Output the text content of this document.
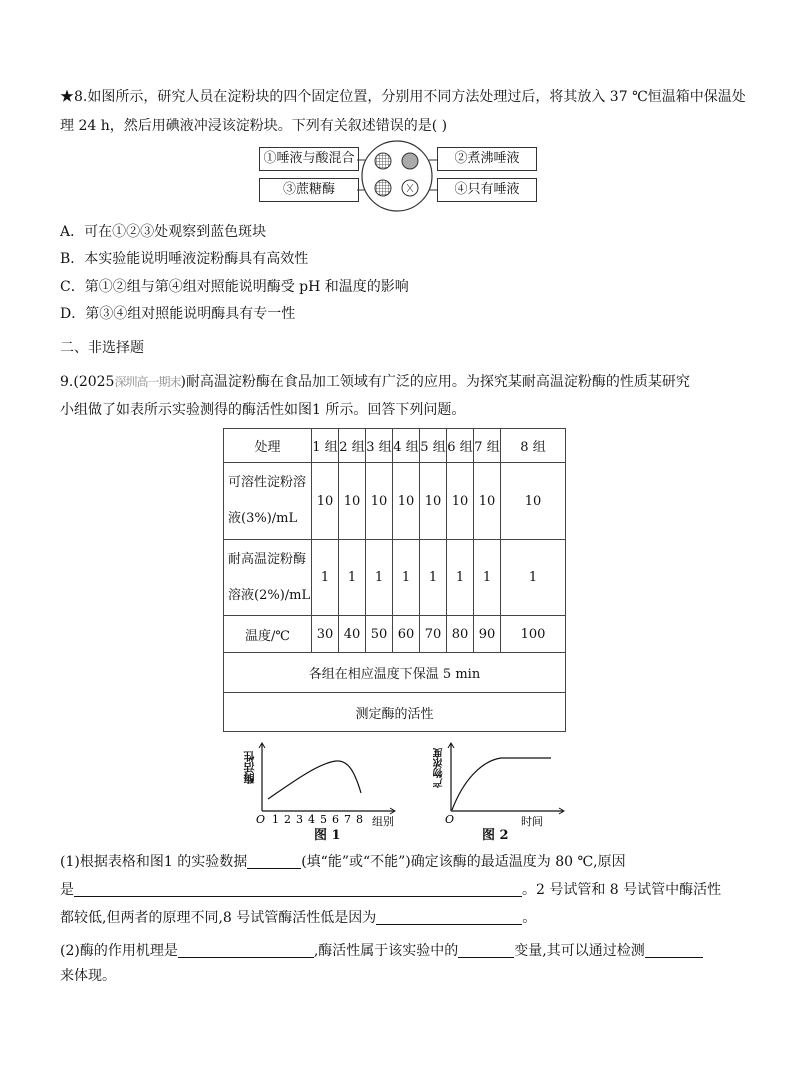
★8.如图所示，研究人员在淀粉块的四个固定位置，分别用不同方法处理过后，将其放入 37 ℃恒温箱中保温处
理 24 h，然后用碘液冲浸该淀粉块。下列有关叙述错误的是( )
①唾液与酸混合	②煮沸唾液
③蔗糖酶	④只有唾液
A．可在①②③处观察到蓝色斑块
B．本实验能说明唾液淀粉酶具有高效性
C．第①②组与第④组对照能说明酶受 pH 和温度的影响
D．第③④组对照能说明酶具有专一性
二、非选择题
9.(2025深圳高一期末)耐高温淀粉酶在食品加工领域有广泛的应用。为探究某耐高温淀粉酶的性质某研究
小组做了如表所示实验测得的酶活性如图1 所示。回答下列问题。
处理	1 组	2 组	3 组	4 组	5 组	6 组	7 组	8 组
可溶性淀粉溶
液(3%)/mL	10	10	10	10	10	10	10	10
耐高温淀粉酶
溶液(2%)/mL	1	1	1	1	1	1	1	1
温度/℃	30	40	50	60	70	80	90	100
各组在相应温度下保温 5 min								
测定酶的活性								
O 1 2 3 4 5 6 7 8 组别
酶活性
图 1
O	时间
产物浓度
图 2
(1)根据表格和图1 的实验数据	(填“能”或“不能”)确定该酶的最适温度为 80 ℃,原因
是	。2 号试管和 8 号试管中酶活性
都较低,但两者的原理不同,8 号试管酶活性低是因为	。
(2)酶的作用机理是	,酶活性属于该实验中的	变量,其可以通过检测
来体现。
